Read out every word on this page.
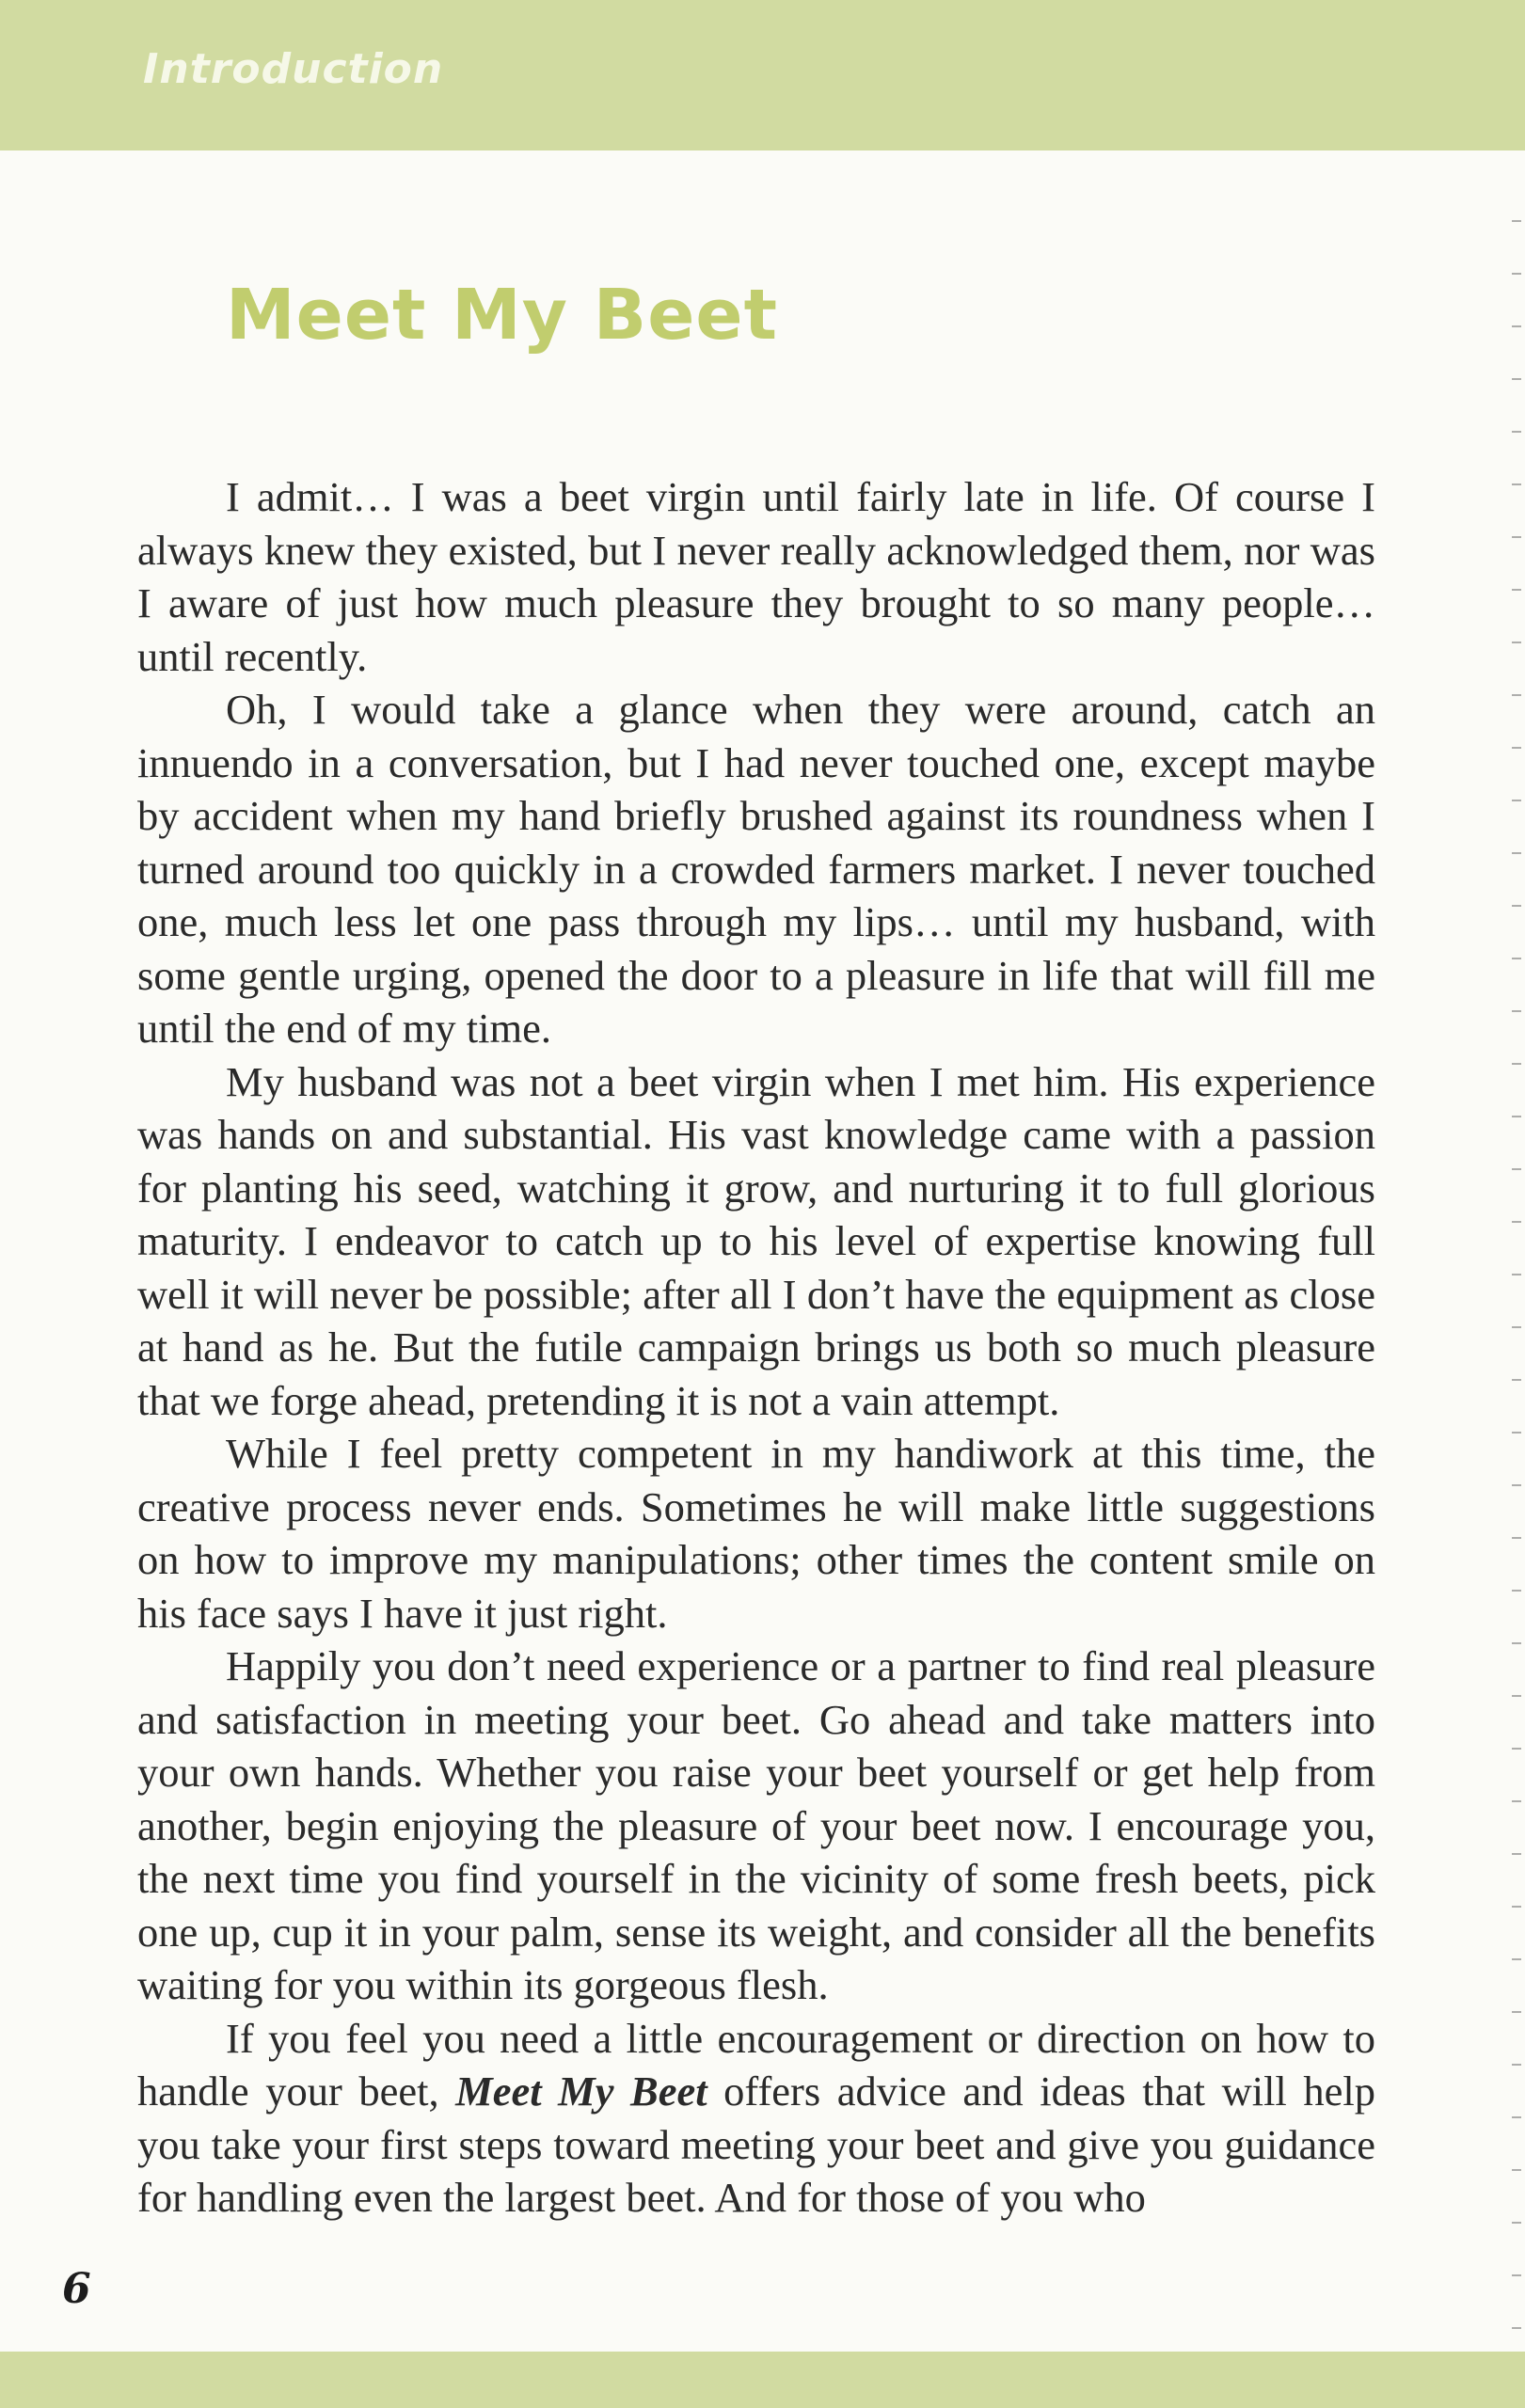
Introduction
Meet My Beet

I admit… I was a beet virgin until fairly late in life. Of course I always knew they existed, but I never really acknowledged them, nor was I aware of just how much pleasure they brought to so many people… until recently.

Oh, I would take a glance when they were around, catch an innuendo in a conversation, but I had never touched one, except maybe by accident when my hand briefly brushed against its roundness when I turned around too quickly in a crowded farmers market. I never touched one, much less let one pass through my lips… until my husband, with some gentle urging, opened the door to a pleasure in life that will fill me until the end of my time.

My husband was not a beet virgin when I met him. His experience was hands on and substantial. His vast knowledge came with a passion for planting his seed, watching it grow, and nurturing it to full glorious maturity. I endeavor to catch up to his level of expertise knowing full well it will never be possible; after all I don’t have the equipment as close at hand as he. But the futile campaign brings us both so much pleasure that we forge ahead, pretending it is not a vain attempt.

While I feel pretty competent in my handiwork at this time, the creative process never ends. Sometimes he will make little suggestions on how to improve my manipulations; other times the content smile on his face says I have it just right.

Happily you don’t need experience or a partner to find real pleasure and satisfaction in meeting your beet. Go ahead and take matters into your own hands. Whether you raise your beet yourself or get help from another, begin enjoying the pleasure of your beet now. I encourage you, the next time you find yourself in the vicinity of some fresh beets, pick one up, cup it in your palm, sense its weight, and consider all the benefits waiting for you within its gorgeous flesh.

If you feel you need a little encouragement or direction on how to handle your beet, Meet My Beet offers advice and ideas that will help you take your first steps toward meeting your beet and give you guidance for handling even the largest beet. And for those of you who

6
